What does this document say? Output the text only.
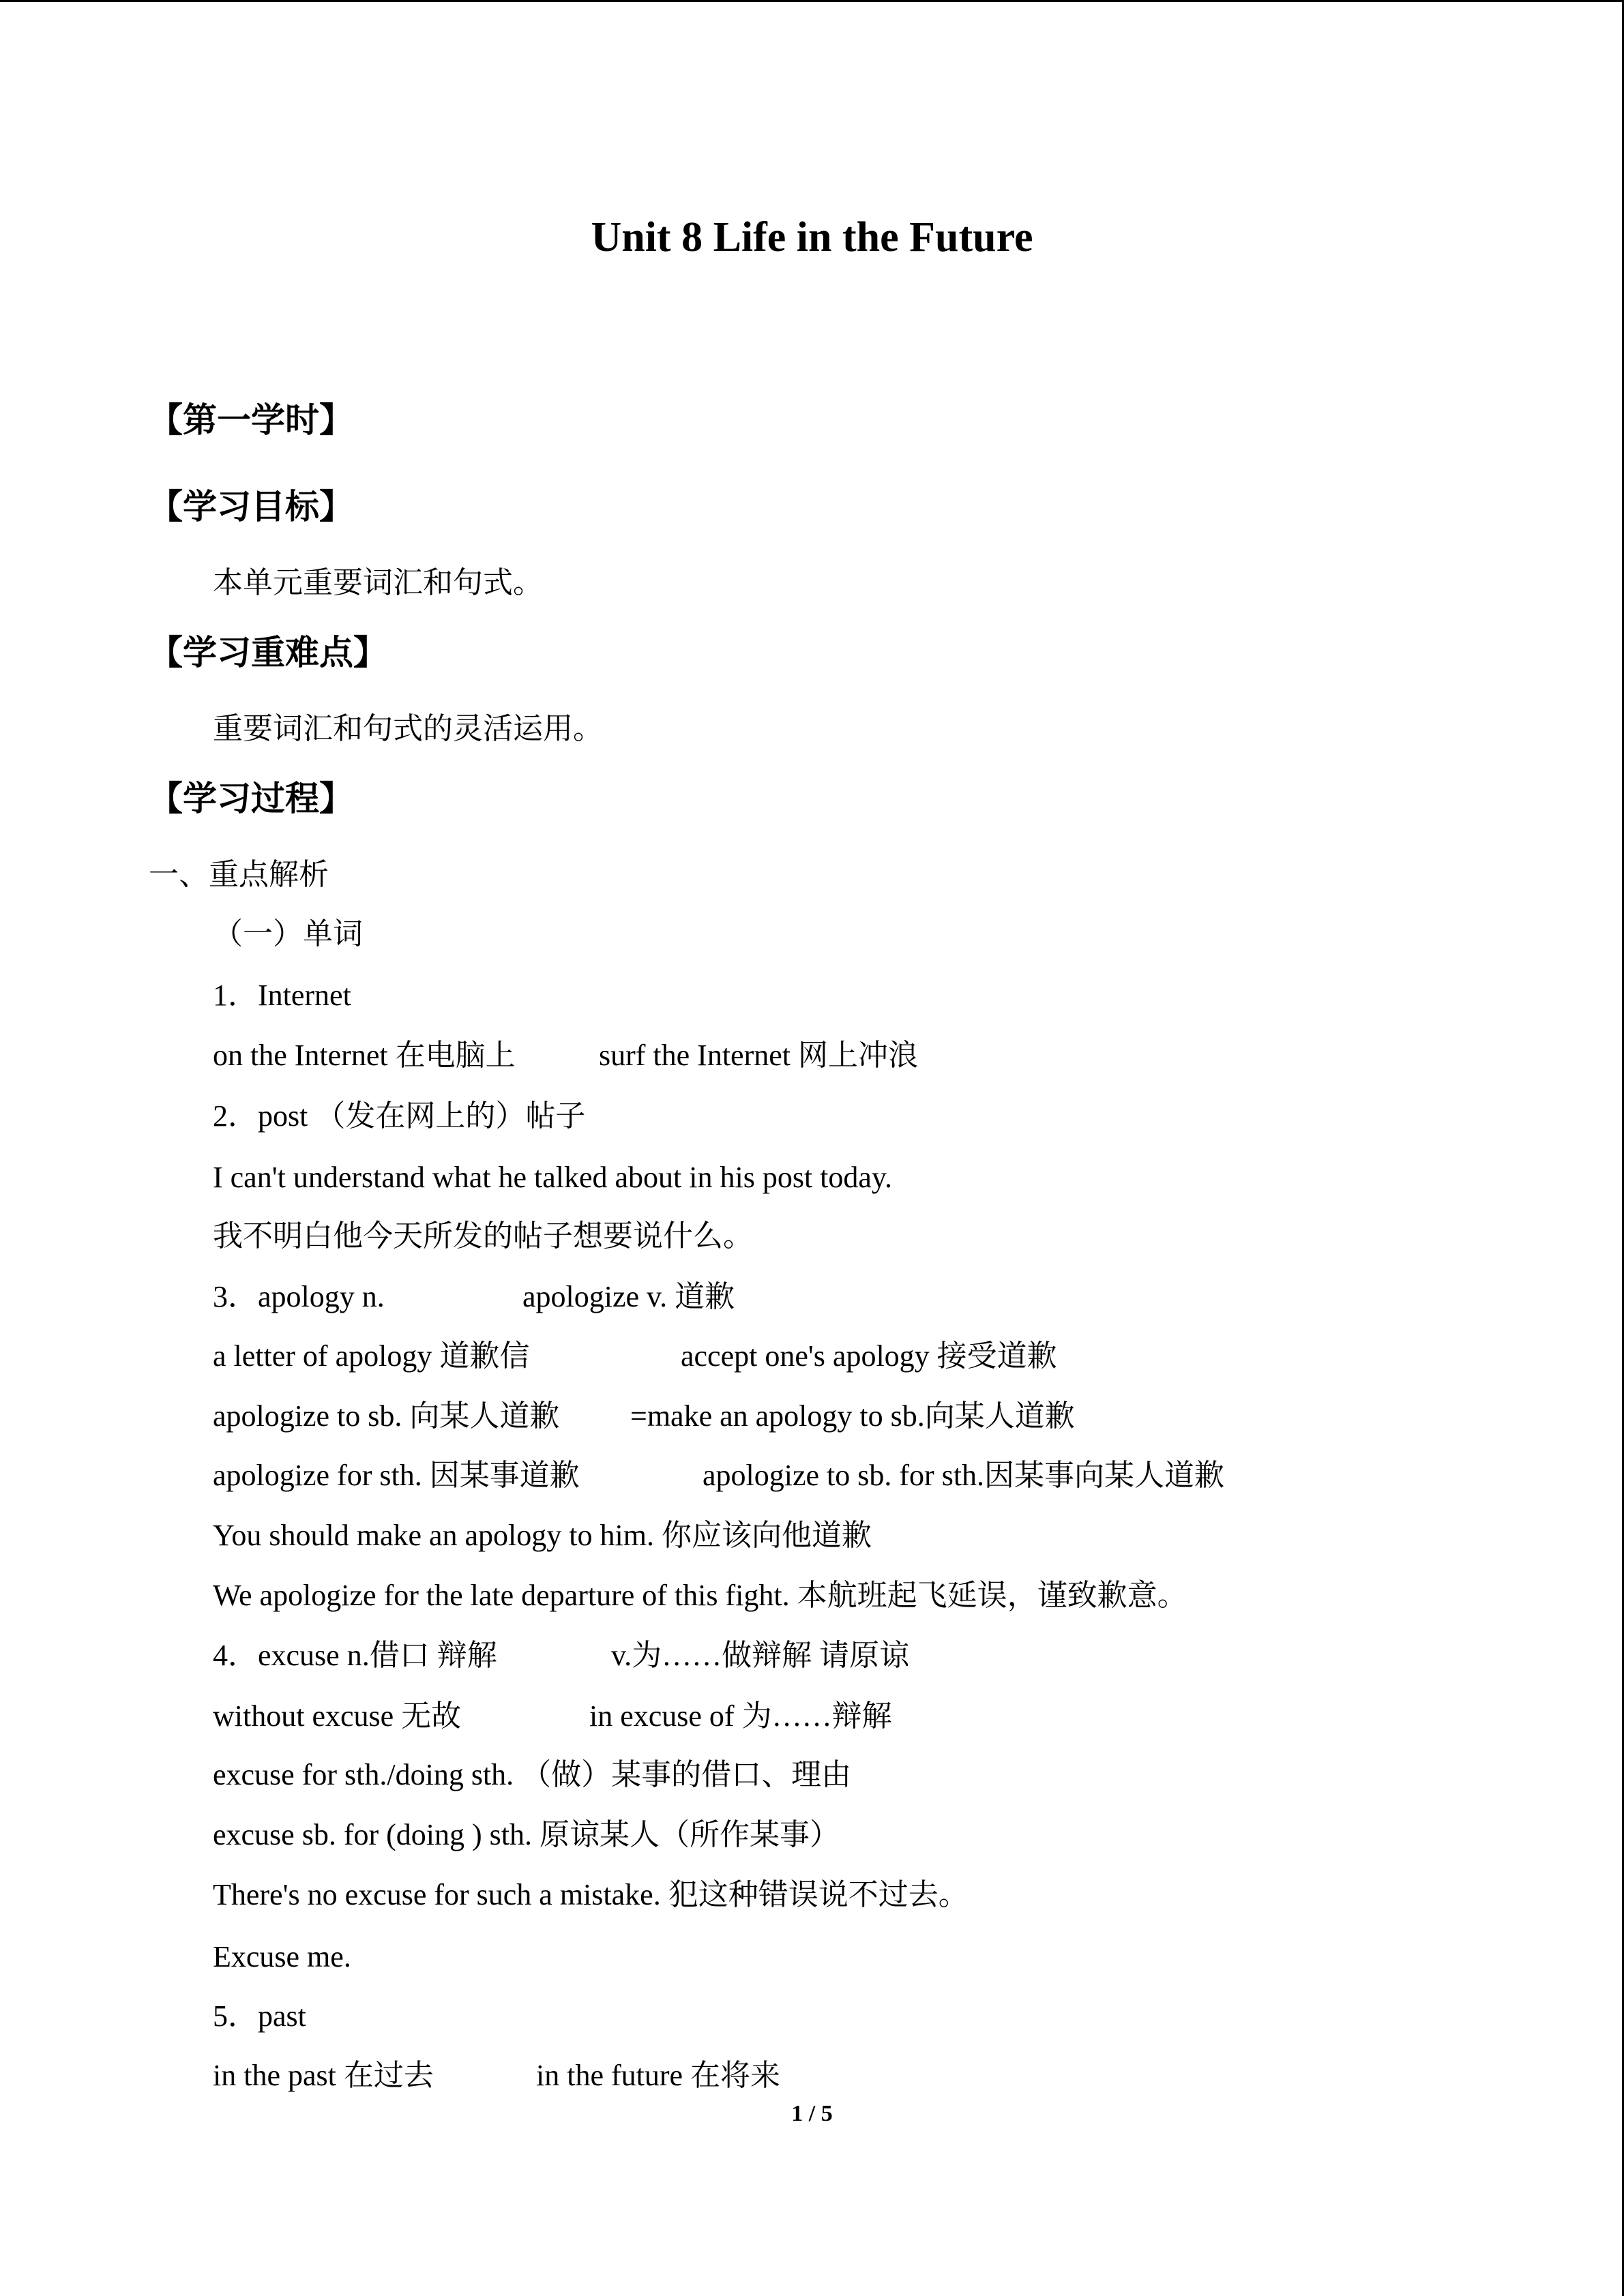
Unit 8 Life in the Future
【第一学时】
【学习目标】
本单元重要词汇和句式。
【学习重难点】
重要词汇和句式的灵活运用。
【学习过程】
一、重点解析
（一）单词
1．Internet
on the Internet 在电脑上	surf the Internet 网上冲浪
2．post （发在网上的）帖子
I can't understand what he talked about in his post today.
我不明白他今天所发的帖子想要说什么。
3．apology n.	apologize v. 道歉
a letter of apology 道歉信	accept one's apology 接受道歉
apologize to sb. 向某人道歉 =make an apology to sb.向某人道歉
apologize for sth. 因某事道歉	apologize to sb. for sth.因某事向某人道歉
You should make an apology to him. 你应该向他道歉
We apologize for the late departure of this fight. 本航班起飞延误，谨致歉意。
4．excuse n.借口 辩解	v.为……做辩解 请原谅
without excuse 无故	in excuse of 为……辩解
excuse for sth./doing sth. （做）某事的借口、理由
excuse sb. for (doing ) sth. 原谅某人（所作某事）
There's no excuse for such a mistake. 犯这种错误说不过去。
Excuse me.
5．past
in the past 在过去	in the future 在将来
1 / 5
